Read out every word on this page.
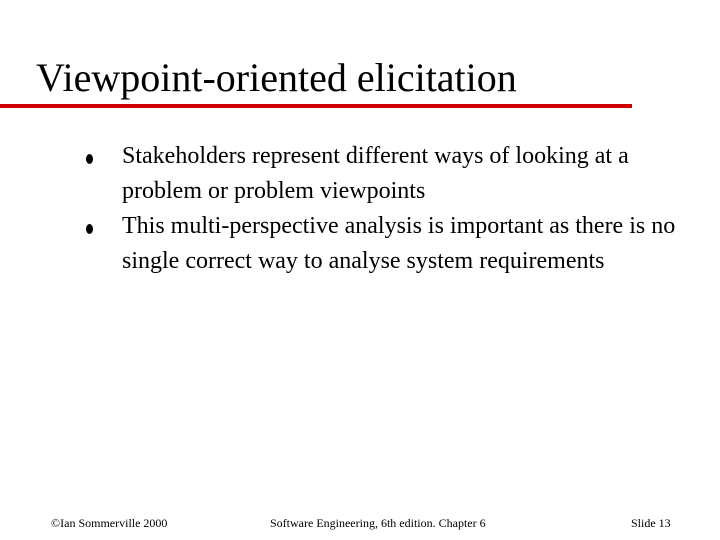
Viewpoint-oriented elicitation
Stakeholders represent different ways of looking at a problem or problem viewpoints
This multi-perspective analysis is important as there is no single correct way to analyse system requirements
©Ian Sommerville 2000	Software Engineering, 6th edition. Chapter 6	Slide 13
